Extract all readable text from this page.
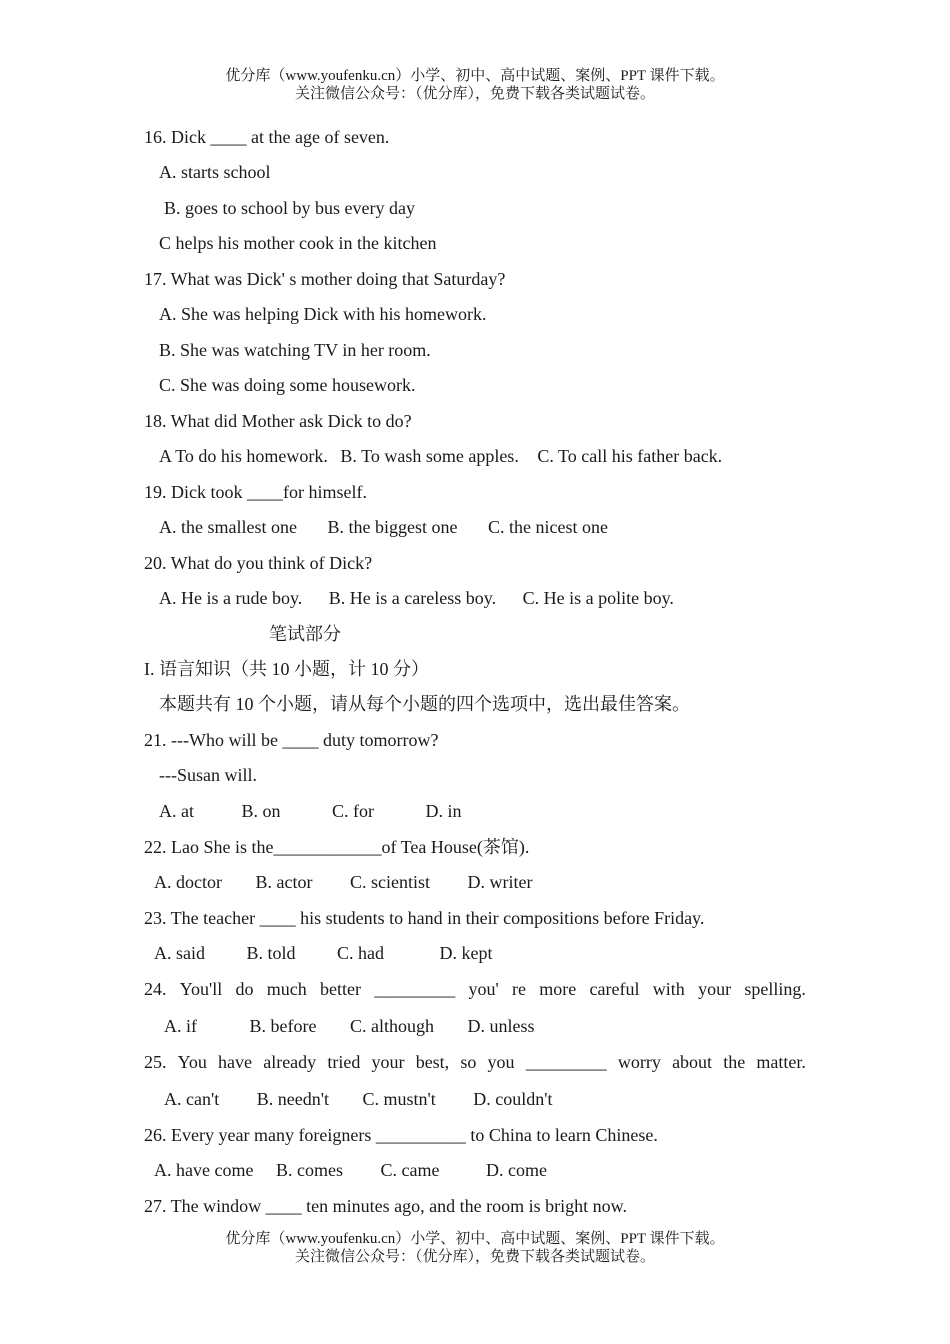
优分库（www.youfenku.cn）小学、初中、高中试题、案例、PPT 课件下载。
关注微信公众号：（优分库），免费下载各类试题试卷。
16. Dick ____ at the age of seven.
A. starts school
B. goes to school by bus every day
C helps his mother cook in the kitchen
17. What was Dick' s mother doing that Saturday?
A. She was helping Dick with his homework.
B. She was watching TV in her room.
C. She was doing some housework.
18. What did Mother ask Dick to do?
A To do his homework. B. To wash some apples. C. To call his father back.
19. Dick took ____for himself.
A. the smallest one B. the biggest one C. the nicest one
20. What do you think of Dick?
A. He is a rude boy. B. He is a careless boy. C. He is a polite boy.
笔试部分
I. 语言知识（共 10 小题，计 10 分）
本题共有 10 个小题，请从每个小题的四个选项中，选出最佳答案。
21. ---Who will be ____ duty tomorrow?
---Susan will.
A. at	B. on	C. for	D. in
22. Lao She is the____________of Tea House(茶馆).
A. doctor B. actor C. scientist D. writer
23. The teacher ____ his students to hand in their compositions before Friday.
A. said B. told C. had	D. kept
24. You'll do much better _________ you' re more careful with your spelling.
A. if	B. before C. although D. unless
25. You have already tried your best, so you _________ worry about the matter.
A. can't B. needn't C. mustn't D. couldn't
26. Every year many foreigners __________ to China to learn Chinese.
A. have come B. comes C. came	D. come
27. The window ____ ten minutes ago, and the room is bright now.
优分库（www.youfenku.cn）小学、初中、高中试题、案例、PPT 课件下载。
关注微信公众号：（优分库），免费下载各类试题试卷。
